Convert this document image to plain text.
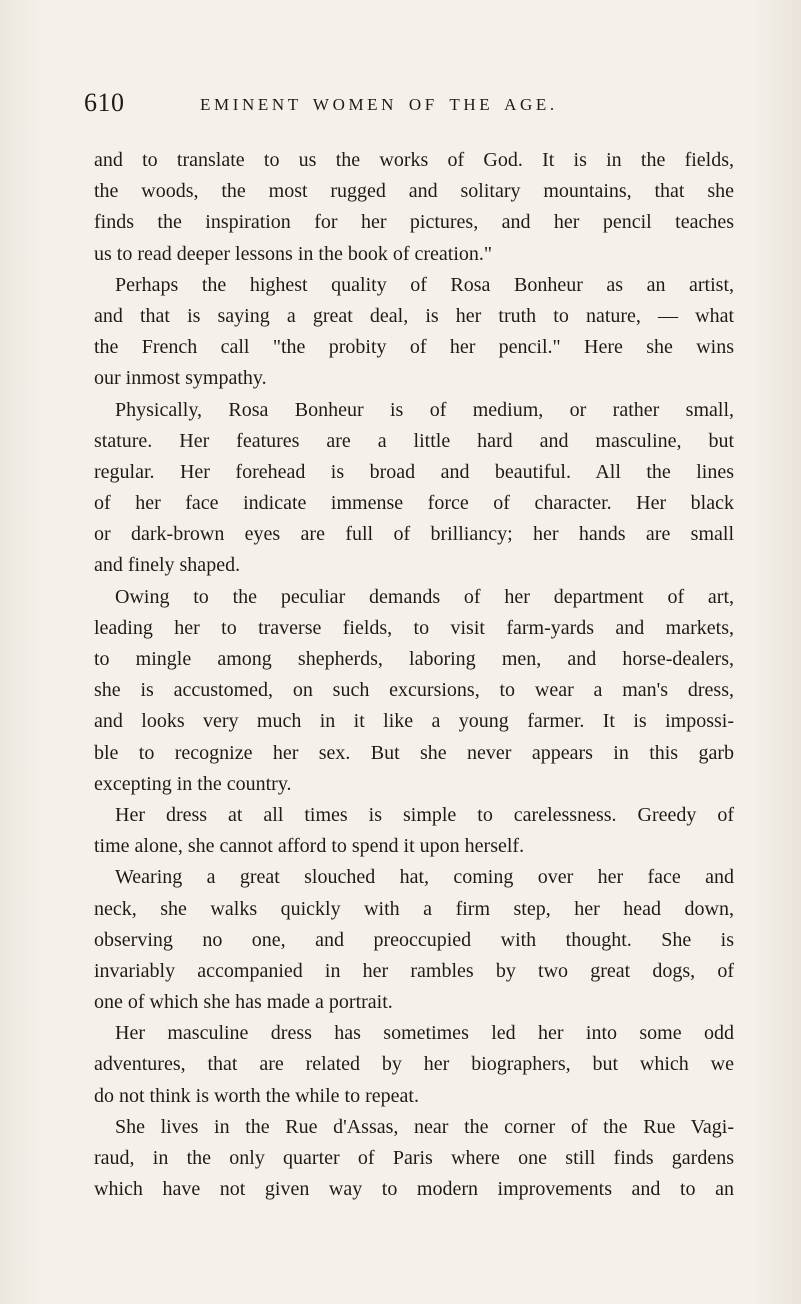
610	EMINENT WOMEN OF THE AGE.
and to translate to us the works of God. It is in the fields,
the woods, the most rugged and solitary mountains, that she
finds the inspiration for her pictures, and her pencil teaches
us to read deeper lessons in the book of creation."
Perhaps the highest quality of Rosa Bonheur as an artist,
and that is saying a great deal, is her truth to nature, — what
the French call "the probity of her pencil." Here she wins
our inmost sympathy.
Physically, Rosa Bonheur is of medium, or rather small,
stature. Her features are a little hard and masculine, but
regular. Her forehead is broad and beautiful. All the lines
of her face indicate immense force of character. Her black
or dark-brown eyes are full of brilliancy; her hands are small
and finely shaped.
Owing to the peculiar demands of her department of art,
leading her to traverse fields, to visit farm-yards and markets,
to mingle among shepherds, laboring men, and horse-dealers,
she is accustomed, on such excursions, to wear a man's dress,
and looks very much in it like a young farmer. It is impossi-
ble to recognize her sex. But she never appears in this garb
excepting in the country.
Her dress at all times is simple to carelessness. Greedy of
time alone, she cannot afford to spend it upon herself.
Wearing a great slouched hat, coming over her face and
neck, she walks quickly with a firm step, her head down,
observing no one, and preoccupied with thought. She is
invariably accompanied in her rambles by two great dogs, of
one of which she has made a portrait.
Her masculine dress has sometimes led her into some odd
adventures, that are related by her biographers, but which we
do not think is worth the while to repeat.
She lives in the Rue d'Assas, near the corner of the Rue Vagi-
raud, in the only quarter of Paris where one still finds gardens
which have not given way to modern improvements and to an
